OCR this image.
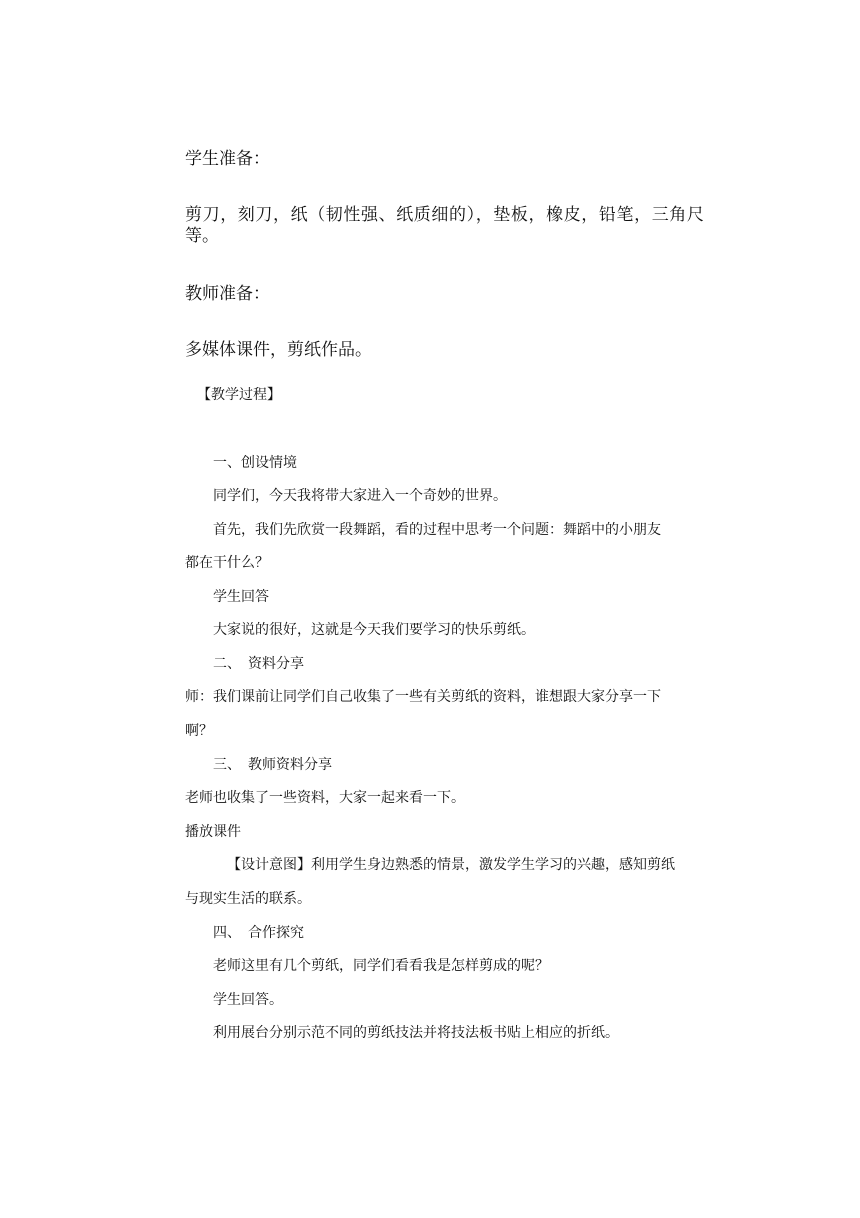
学生准备：
剪刀，刻刀，纸（韧性强、纸质细的），垫板，橡皮，铅笔，三角尺
等。
教师准备：
多媒体课件，剪纸作品。
【教学过程】
一、创设情境
同学们，今天我将带大家进入一个奇妙的世界。
首先，我们先欣赏一段舞蹈，看的过程中思考一个问题：舞蹈中的小朋友
都在干什么？
学生回答
大家说的很好，这就是今天我们要学习的快乐剪纸。
二、　资料分享
师：我们课前让同学们自己收集了一些有关剪纸的资料，谁想跟大家分享一下
啊？
三、　教师资料分享
老师也收集了一些资料，大家一起来看一下。
播放课件
【设计意图】利用学生身边熟悉的情景，激发学生学习的兴趣，感知剪纸
与现实生活的联系。
四、　合作探究
老师这里有几个剪纸，同学们看看我是怎样剪成的呢？
学生回答。
利用展台分别示范不同的剪纸技法并将技法板书贴上相应的折纸。
